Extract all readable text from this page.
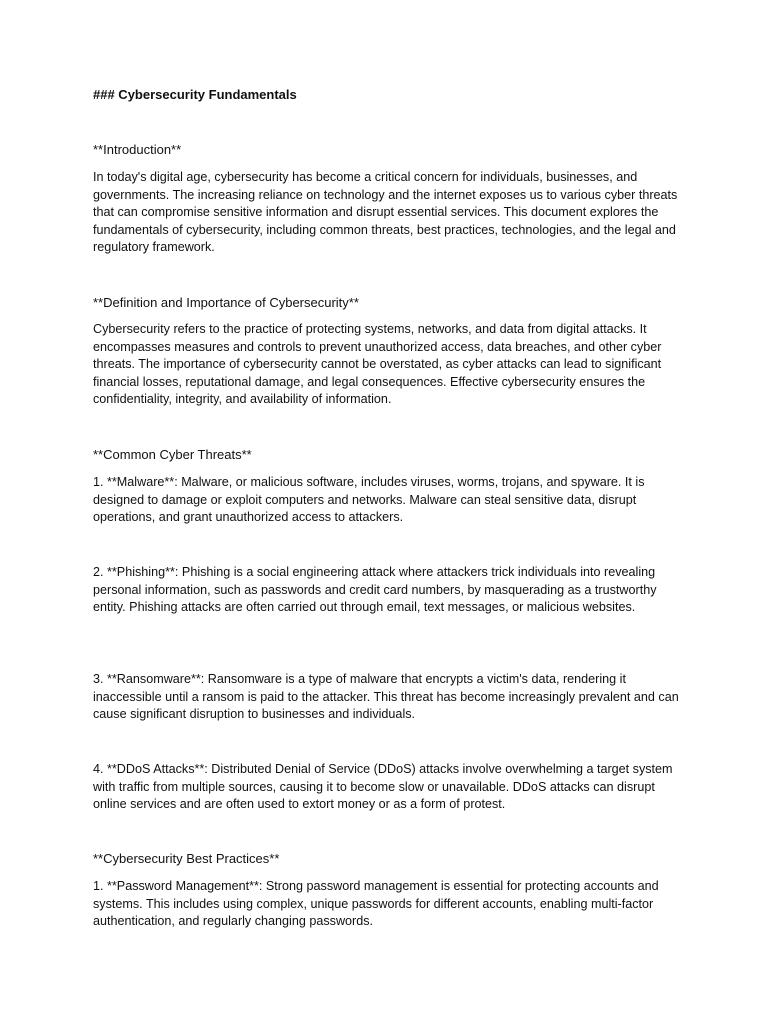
### Cybersecurity Fundamentals
**Introduction**

In today's digital age, cybersecurity has become a critical concern for individuals, businesses, and governments. The increasing reliance on technology and the internet exposes us to various cyber threats that can compromise sensitive information and disrupt essential services. This document explores the fundamentals of cybersecurity, including common threats, best practices, technologies, and the legal and regulatory framework.

**Definition and Importance of Cybersecurity**

Cybersecurity refers to the practice of protecting systems, networks, and data from digital attacks. It encompasses measures and controls to prevent unauthorized access, data breaches, and other cyber threats. The importance of cybersecurity cannot be overstated, as cyber attacks can lead to significant financial losses, reputational damage, and legal consequences. Effective cybersecurity ensures the confidentiality, integrity, and availability of information.

**Common Cyber Threats**

1. **Malware**: Malware, or malicious software, includes viruses, worms, trojans, and spyware. It is designed to damage or exploit computers and networks. Malware can steal sensitive data, disrupt operations, and grant unauthorized access to attackers.

2. **Phishing**: Phishing is a social engineering attack where attackers trick individuals into revealing personal information, such as passwords and credit card numbers, by masquerading as a trustworthy entity. Phishing attacks are often carried out through email, text messages, or malicious websites.

3. **Ransomware**: Ransomware is a type of malware that encrypts a victim's data, rendering it inaccessible until a ransom is paid to the attacker. This threat has become increasingly prevalent and can cause significant disruption to businesses and individuals.

4. **DDoS Attacks**: Distributed Denial of Service (DDoS) attacks involve overwhelming a target system with traffic from multiple sources, causing it to become slow or unavailable. DDoS attacks can disrupt online services and are often used to extort money or as a form of protest.

**Cybersecurity Best Practices**

1. **Password Management**: Strong password management is essential for protecting accounts and systems. This includes using complex, unique passwords for different accounts, enabling multi-factor authentication, and regularly changing passwords.
